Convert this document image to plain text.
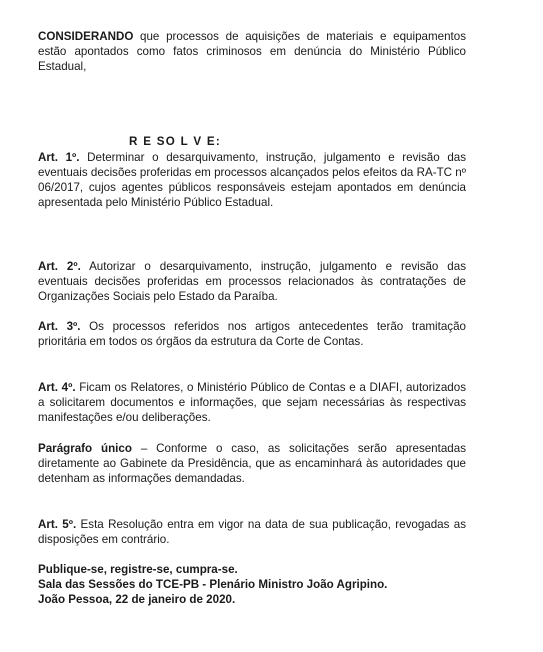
CONSIDERANDO que processos de aquisições de materiais e equipamentos estão apontados como fatos criminosos em denúncia do Ministério Público Estadual,

R E SO L V E:

Art. 1º. Determinar o desarquivamento, instrução, julgamento e revisão das eventuais decisões proferidas em processos alcançados pelos efeitos da RA-TC nº 06/2017, cujos agentes públicos responsáveis estejam apontados em denúncia apresentada pelo Ministério Público Estadual.

Art. 2º. Autorizar o desarquivamento, instrução, julgamento e revisão das eventuais decisões proferidas em processos relacionados às contratações de Organizações Sociais pelo Estado da Paraíba.

Art. 3º. Os processos referidos nos artigos antecedentes terão tramitação prioritária em todos os órgãos da estrutura da Corte de Contas.

Art. 4º. Ficam os Relatores, o Ministério Público de Contas e a DIAFI, autorizados a solicitarem documentos e informações, que sejam necessárias às respectivas manifestações e/ou deliberações.

Parágrafo único – Conforme o caso, as solicitações serão apresentadas diretamente ao Gabinete da Presidência, que as encaminhará às autoridades que detenham as informações demandadas.

Art. 5º. Esta Resolução entra em vigor na data de sua publicação, revogadas as disposições em contrário.

Publique-se, registre-se, cumpra-se.
Sala das Sessões do TCE-PB - Plenário Ministro João Agripino.
João Pessoa, 22 de janeiro de 2020.
